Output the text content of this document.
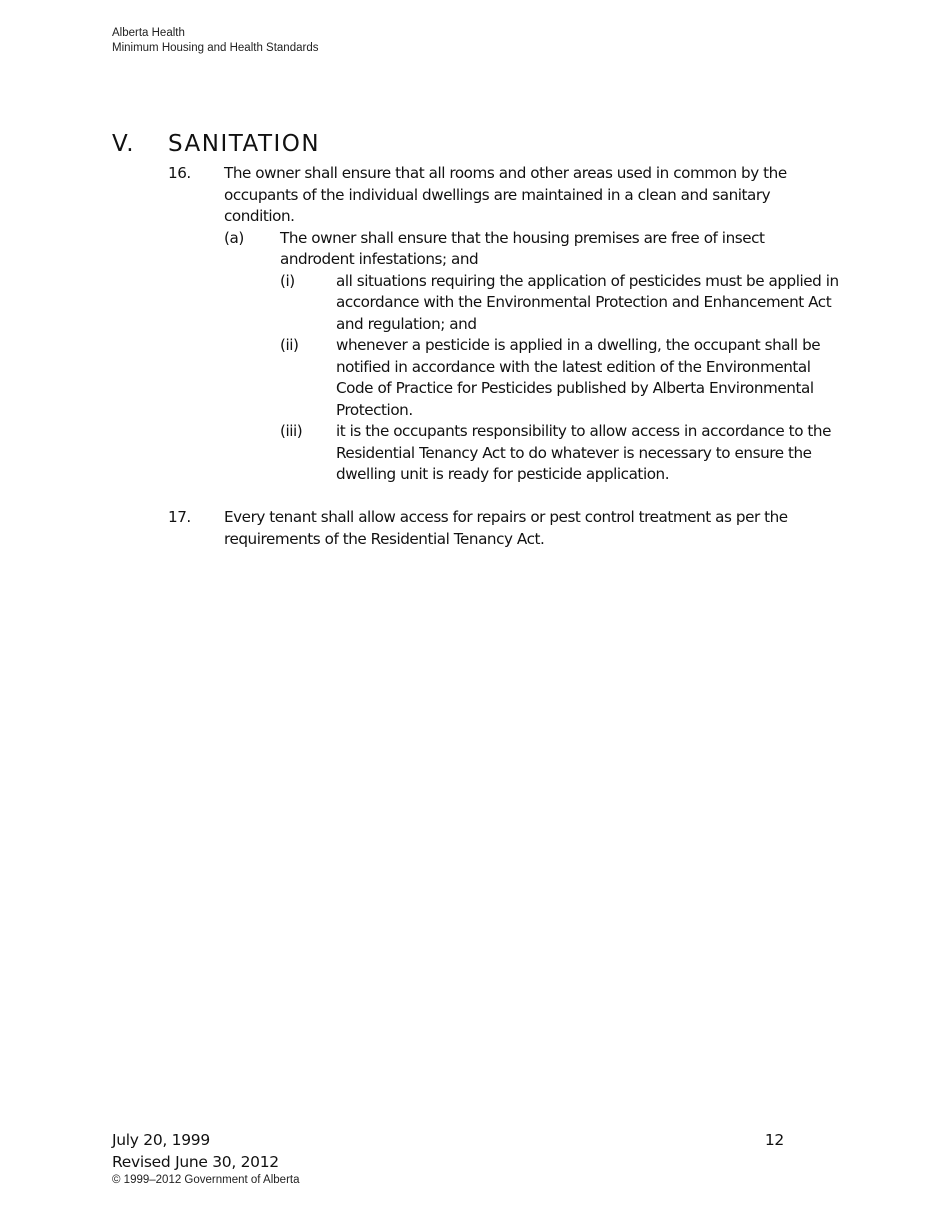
Alberta Health
Minimum Housing and Health Standards
V. SANITATION
16.	The owner shall ensure that all rooms and other areas used in common by the occupants of the individual dwellings are maintained in a clean and sanitary condition.
(a)	The owner shall ensure that the housing premises are free of insect androdent infestations; and
(i)	all situations requiring the application of pesticides must be applied in accordance with the Environmental Protection and Enhancement Act and regulation; and
(ii)	whenever a pesticide is applied in a dwelling, the occupant shall be notified in accordance with the latest edition of the Environmental Code of Practice for Pesticides published by Alberta Environmental Protection.
(iii)	it is the occupants responsibility to allow access in accordance to the Residential Tenancy Act to do whatever is necessary to ensure the dwelling unit is ready for pesticide application.
17.	Every tenant shall allow access for repairs or pest control treatment as per the requirements of the Residential Tenancy Act.
July 20, 1999	12
Revised June 30, 2012
© 1999–2012 Government of Alberta
